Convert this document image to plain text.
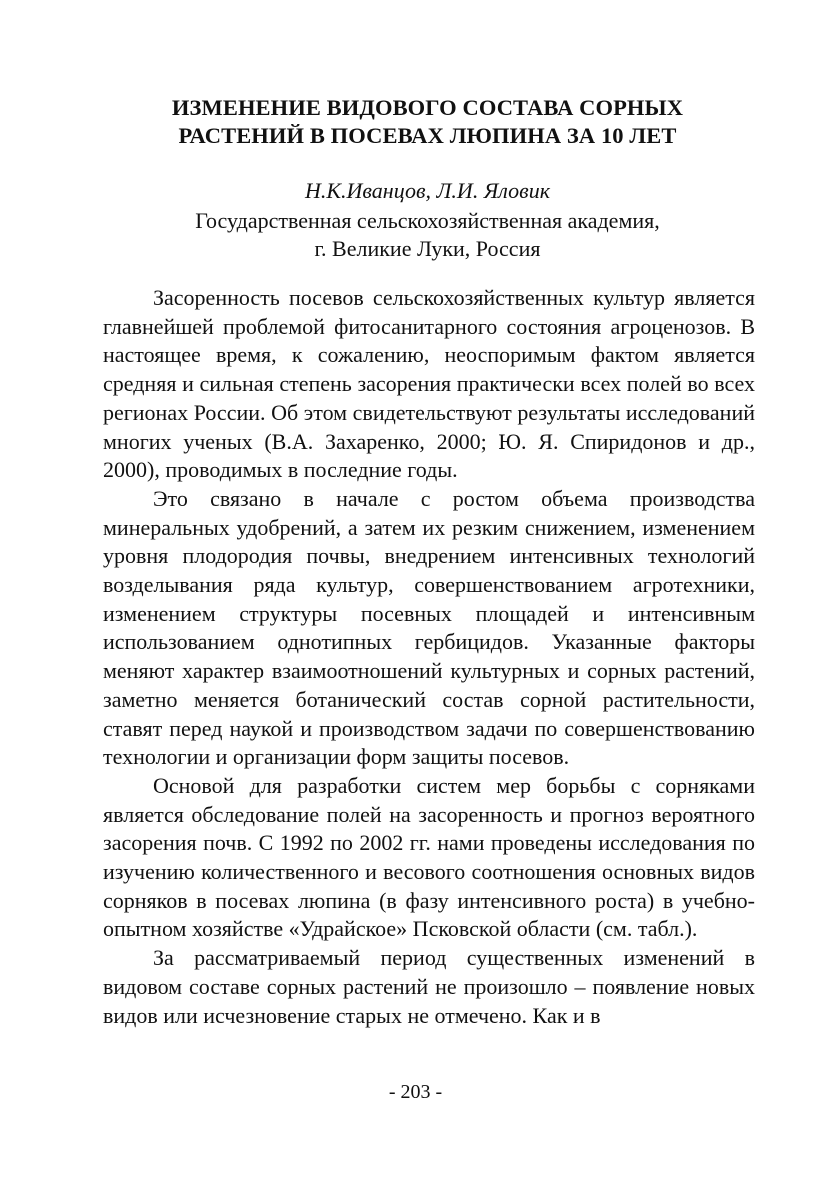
ИЗМЕНЕНИЕ ВИДОВОГО СОСТАВА СОРНЫХ
РАСТЕНИЙ В ПОСЕВАХ ЛЮПИНА ЗА 10 ЛЕТ
Н.К.Иванцов, Л.И. Яловик
Государственная сельскохозяйственная академия,
г. Великие Луки, Россия

Засоренность посевов сельскохозяйственных культур является главнейшей проблемой фитосанитарного состояния агроценозов. В настоящее время, к сожалению, неоспоримым фактом является средняя и сильная степень засорения практически всех полей во всех регионах России. Об этом свидетельствуют результаты исследований многих ученых (В.А. Захаренко, 2000; Ю. Я. Спиридонов и др., 2000), проводимых в последние годы.

Это связано в начале с ростом объема производства минеральных удобрений, а затем их резким снижением, изменением уровня плодородия почвы, внедрением интенсивных технологий возделывания ряда культур, совершенствованием агротехники, изменением структуры посевных площадей и интенсивным использованием однотипных гербицидов. Указанные факторы меняют характер взаимоотношений культурных и сорных растений, заметно меняется ботанический состав сорной растительности, ставят перед наукой и производством задачи по совершенствованию технологии и организации форм защиты посевов.

Основой для разработки систем мер борьбы с сорняками является обследование полей на засоренность и прогноз вероятного засорения почв. С 1992 по 2002 гг. нами проведены исследования по изучению количественного и весового соотношения основных видов сорняков в посевах люпина (в фазу интенсивного роста) в учебно-опытном хозяйстве «Удрайское» Псковской области (см. табл.).

За рассматриваемый период существенных изменений в видовом составе сорных растений не произошло – появление новых видов или исчезновение старых не отмечено. Как и в

- 203 -
